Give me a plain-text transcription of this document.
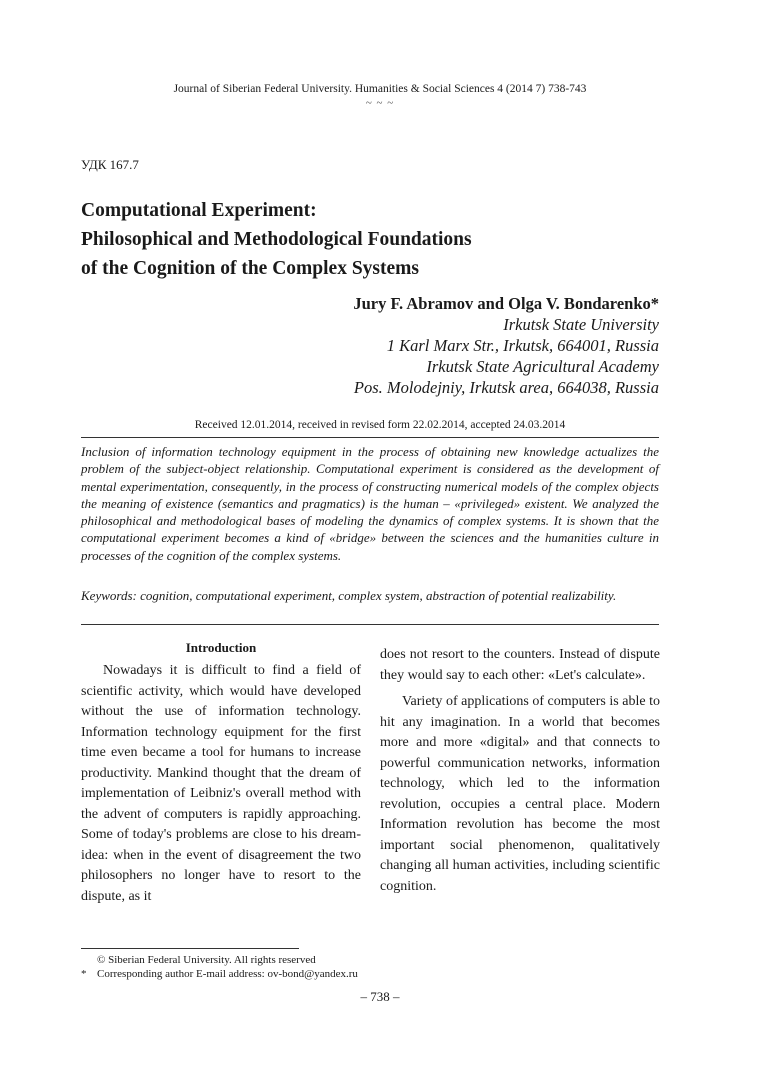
Journal of Siberian Federal University. Humanities & Social Sciences 4 (2014 7) 738-743
~ ~ ~
УДК 167.7
Computational Experiment:
Philosophical and Methodological Foundations
of the Cognition of the Complex Systems
Jury F. Abramov and Olga V. Bondarenko*
Irkutsk State University
1 Karl Marx Str., Irkutsk, 664001, Russia
Irkutsk State Agricultural Academy
Pos. Molodejniy, Irkutsk area, 664038, Russia
Received 12.01.2014, received in revised form 22.02.2014, accepted 24.03.2014
Inclusion of information technology equipment in the process of obtaining new knowledge actualizes the problem of the subject-object relationship. Computational experiment is considered as the development of mental experimentation, consequently, in the process of constructing numerical models of the complex objects the meaning of existence (semantics and pragmatics) is the human – «privileged» existent. We analyzed the philosophical and methodological bases of modeling the dynamics of complex systems. It is shown that the computational experiment becomes a kind of «bridge» between the sciences and the humanities culture in processes of the cognition of the complex systems.
Keywords: cognition, computational experiment, complex system, abstraction of potential realizability.
Introduction

Nowadays it is difficult to find a field of scientific activity, which would have developed without the use of information technology. Information technology equipment for the first time even became a tool for humans to increase productivity. Mankind thought that the dream of implementation of Leibniz's overall method with the advent of computers is rapidly approaching. Some of today's problems are close to his dream-idea: when in the event of disagreement the two philosophers no longer have to resort to the dispute, as it

does not resort to the counters. Instead of dispute they would say to each other: «Let's calculate».

Variety of applications of computers is able to hit any imagination. In a world that becomes more and more «digital» and that connects to powerful communication networks, information technology, which led to the information revolution, occupies a central place. Modern Information revolution has become the most important social phenomenon, qualitatively changing all human activities, including scientific cognition.

© Siberian Federal University. All rights reserved
* Corresponding author E-mail address: ov-bond@yandex.ru
– 738 –
